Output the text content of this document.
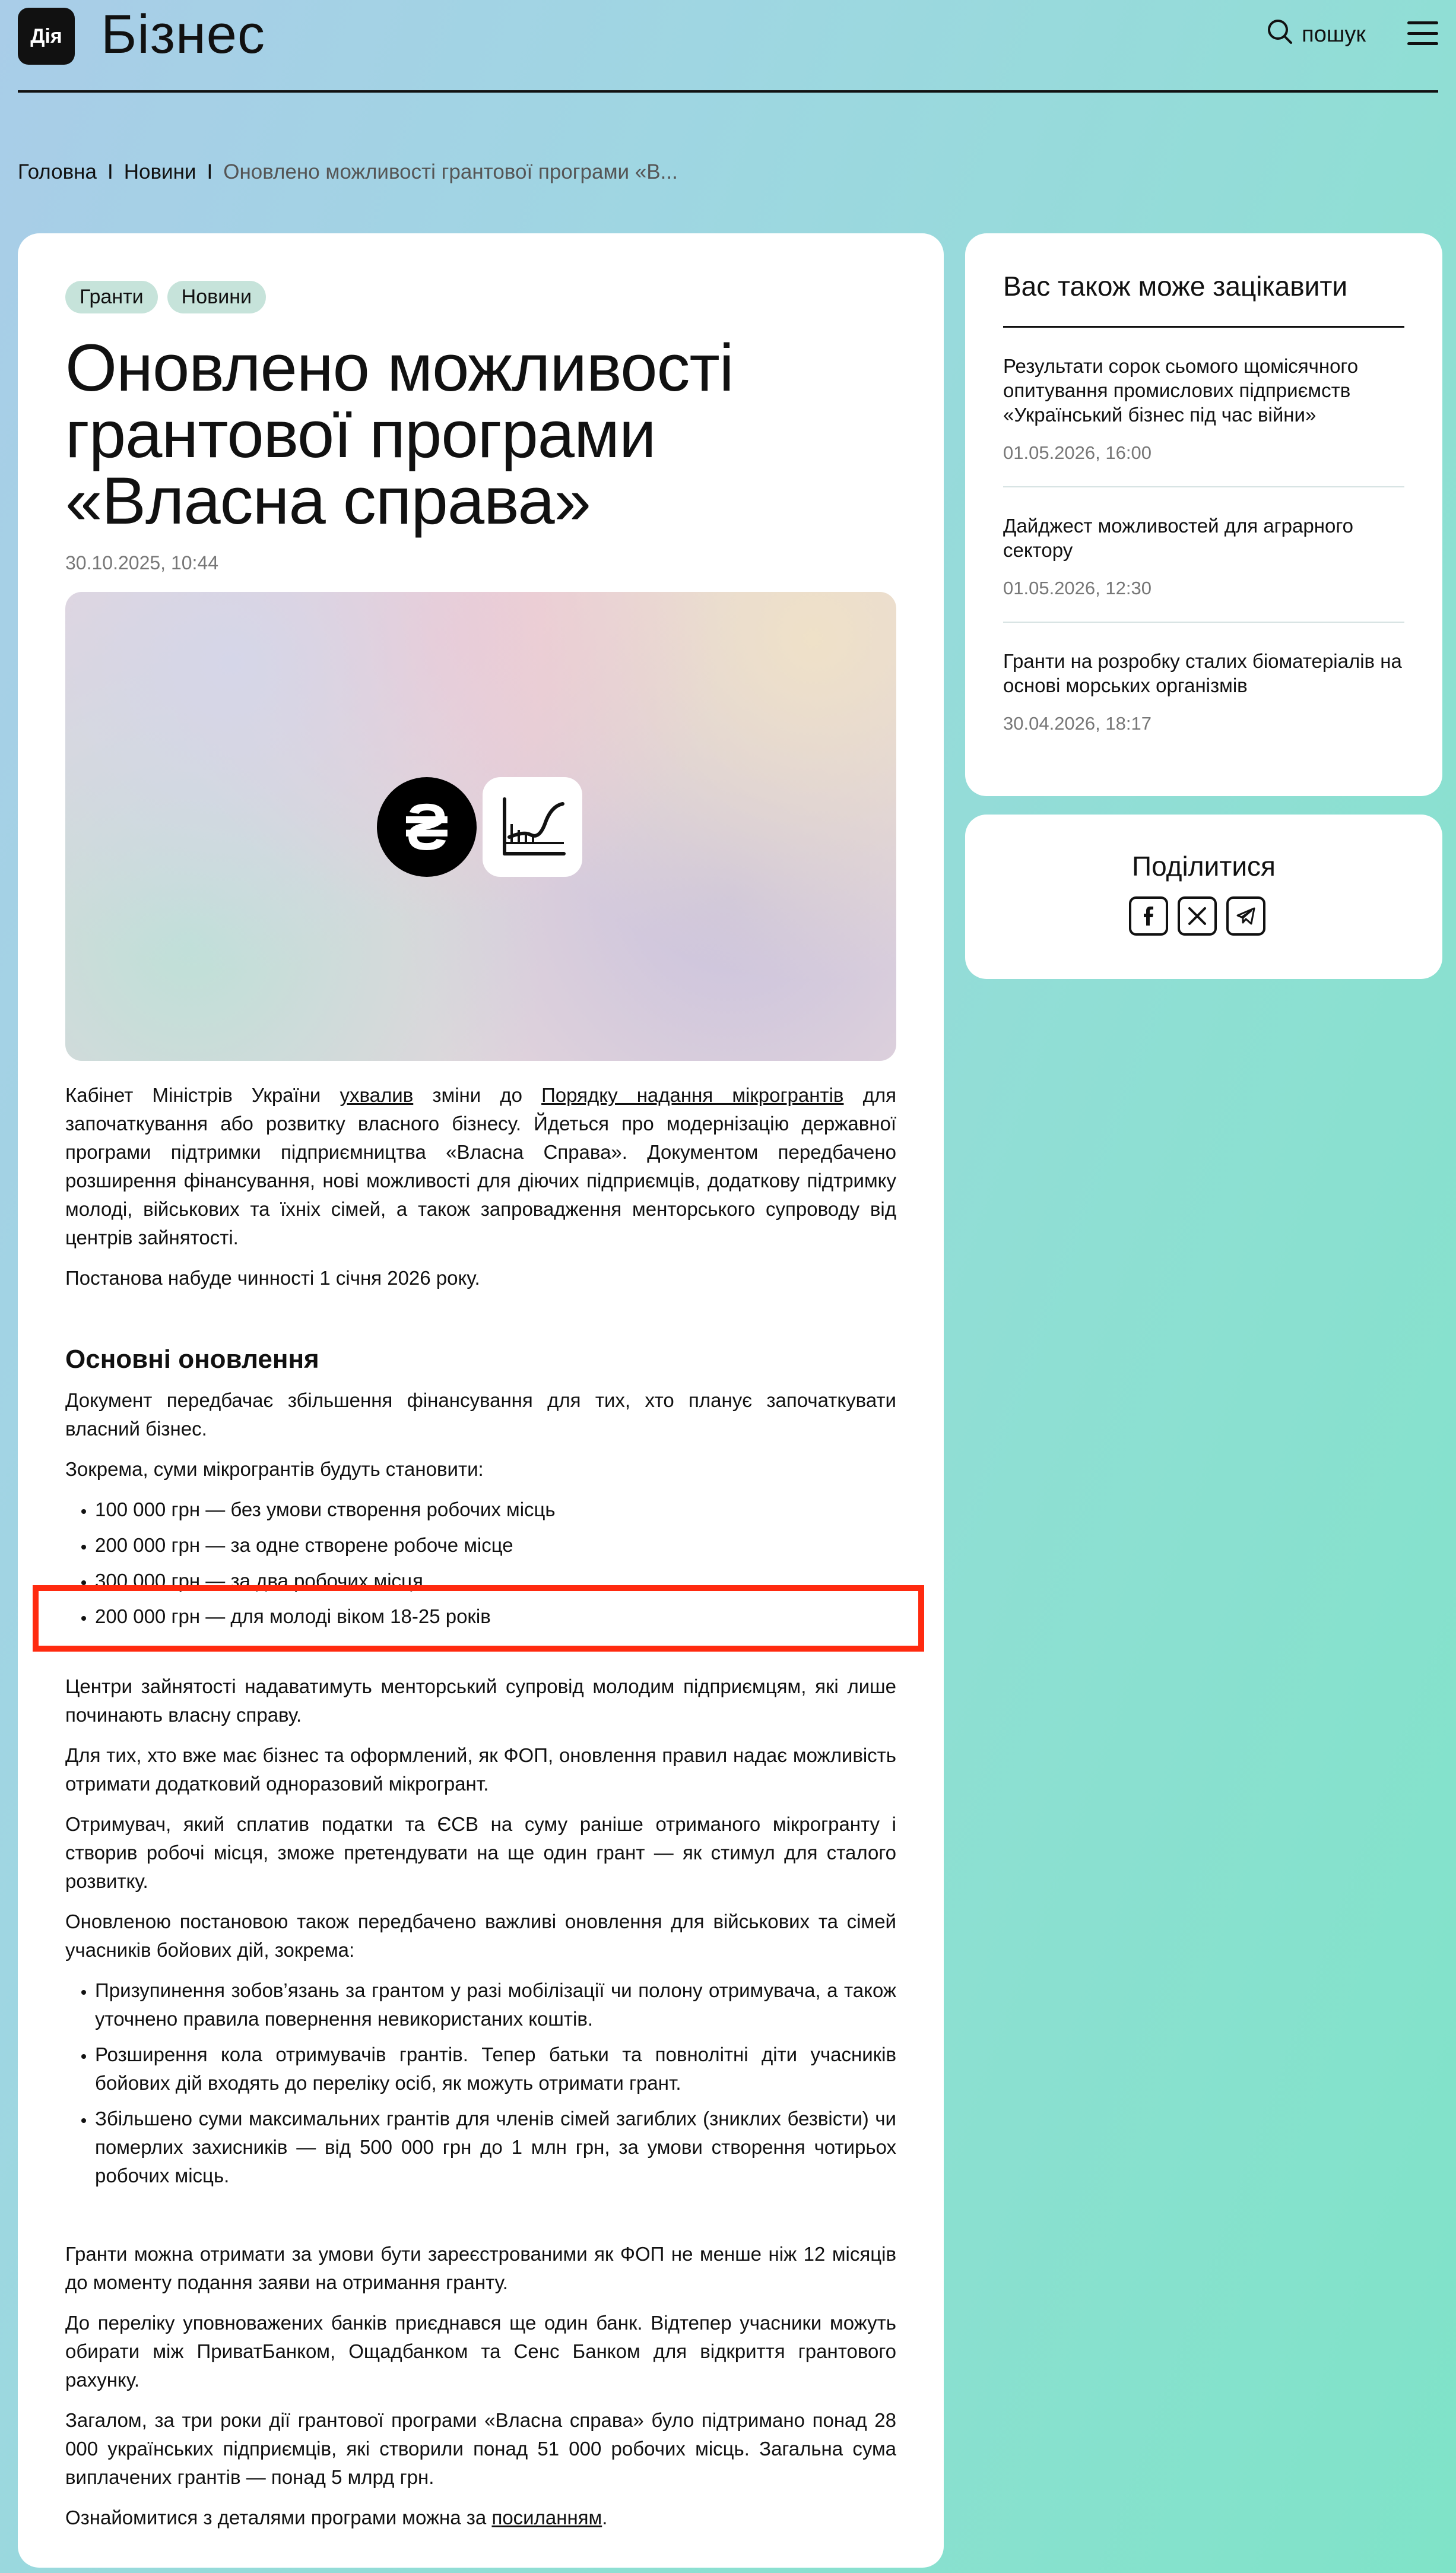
Дія Бізнес	пошук
Головна I Новини I Оновлено можливості грантової програми «В...
Гранти	Новини
Оновлено можливості
грантової програми
«Власна справа»
30.10.2025, 10:44
₴

Кабінет Міністрів України ухвалив зміни до Порядку надання мікрогрантів для започаткування або розвитку власного бізнесу. Йдеться про модернізацію державної програми підтримки підприємництва «Власна Справа». Документом передбачено розширення фінансування, нові можливості для діючих підприємців, додаткову підтримку молоді, військових та їхніх сімей, а також запровадження менторського супроводу від центрів зайнятості.

Постанова набуде чинності 1 січня 2026 року.

Основні оновлення

Документ передбачає збільшення фінансування для тих, хто планує започаткувати власний бізнес.

Зокрема, суми мікрогрантів будуть становити:

• 100 000 грн — без умови створення робочих місць
• 200 000 грн — за одне створене робоче місце
• 300 000 грн — за два робочих місця
• 200 000 грн — для молоді віком 18-25 років

Центри зайнятості надаватимуть менторський супровід молодим підприємцям, які лише починають власну справу.

Для тих, хто вже має бізнес та оформлений, як ФОП, оновлення правил надає можливість отримати додатковий одноразовий мікрогрант.

Отримувач, який сплатив податки та ЄСВ на суму раніше отриманого мікрогранту і створив робочі місця, зможе претендувати на ще один грант — як стимул для сталого розвитку.

Оновленою постановою також передбачено важливі оновлення для військових та сімей учасників бойових дій, зокрема:

• Призупинення зобов’язань за грантом у разі мобілізації чи полону отримувача, а також уточнено правила повернення невикористаних коштів.
• Розширення кола отримувачів грантів. Тепер батьки та повнолітні діти учасників бойових дій входять до переліку осіб, як можуть отримати грант.
• Збільшено суми максимальних грантів для членів сімей загиблих (зниклих безвісти) чи померлих захисників — від 500 000 грн до 1 млн грн, за умови створення чотирьох робочих місць.

Гранти можна отримати за умови бути зареєстрованими як ФОП не менше ніж 12 місяців до моменту подання заяви на отримання гранту.

До переліку уповноважених банків приєднався ще один банк. Відтепер учасники можуть обирати між ПриватБанком, Ощадбанком та Сенс Банком для відкриття грантового рахунку.

Загалом, за три роки дії грантової програми «Власна справа» було підтримано понад 28 000 українських підприємців, які створили понад 51 000 робочих місць. Загальна сума виплачених грантів — понад 5 млрд грн.

Ознайомитися з деталями програми можна за посиланням.

Вас також може зацікавити
Результати сорок сьомого щомісячного опитування промислових підприємств «Український бізнес під час війни»
01.05.2026, 16:00
Дайджест можливостей для аграрного сектору
01.05.2026, 12:30
Гранти на розробку сталих біоматеріалів на основі морських організмів
30.04.2026, 18:17
Поділитися
